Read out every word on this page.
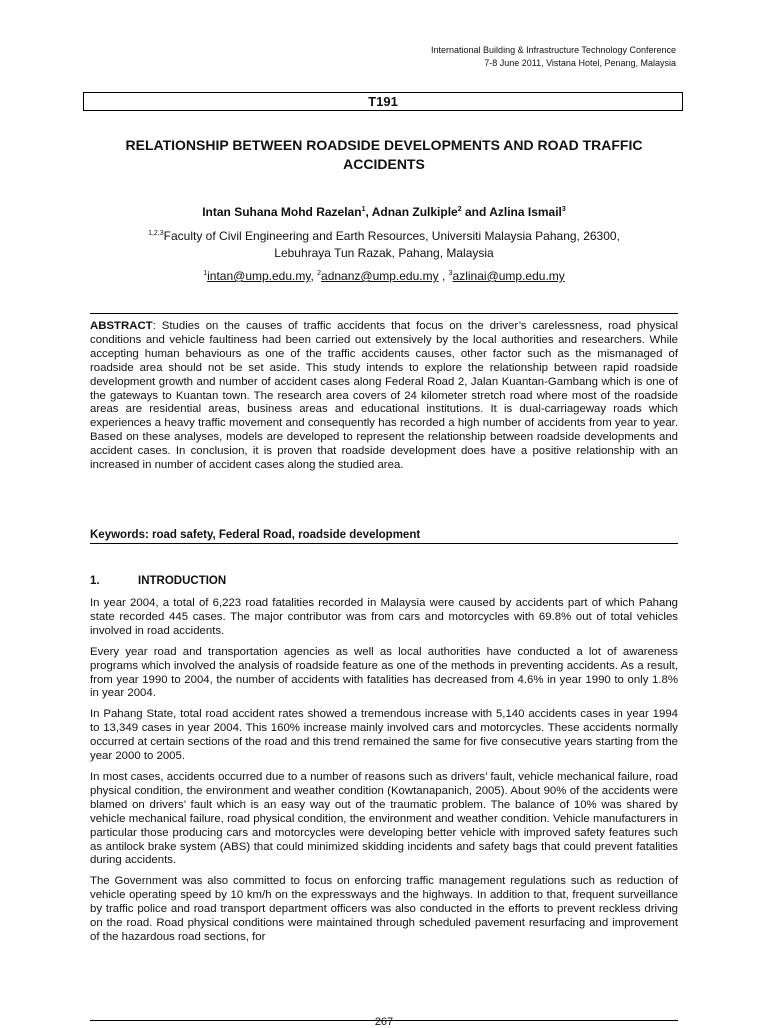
International Building & Infrastructure Technology Conference
7-8 June 2011, Vistana Hotel, Penang, Malaysia
T191
RELATIONSHIP BETWEEN ROADSIDE DEVELOPMENTS AND ROAD TRAFFIC
ACCIDENTS
Intan Suhana Mohd Razelan$^1$, Adnan Zulkiple$^2$ and Azlina Ismail$^3$
$^{1,2,3}$Faculty of Civil Engineering and Earth Resources, Universiti Malaysia Pahang, 26300,
Lebuhraya Tun Razak, Pahang, Malaysia
$^1$intan@ump.edu.my, $^2$adnanz@ump.edu.my , $^3$azlinai@ump.edu.my
ABSTRACT: Studies on the causes of traffic accidents that focus on the driver’s carelessness, road physical conditions and vehicle faultiness had been carried out extensively by the local authorities and researchers. While accepting human behaviours as one of the traffic accidents causes, other factor such as the mismanaged of roadside area should not be set aside. This study intends to explore the relationship between rapid roadside development growth and number of accident cases along Federal Road 2, Jalan Kuantan-Gambang which is one of the gateways to Kuantan town. The research area covers of 24 kilometer stretch road where most of the roadside areas are residential areas, business areas and educational institutions. It is dual-carriageway roads which experiences a heavy traffic movement and consequently has recorded a high number of accidents from year to year. Based on these analyses, models are developed to represent the relationship between roadside developments and accident cases. In conclusion, it is proven that roadside development does have a positive relationship with an increased in number of accident cases along the studied area.
Keywords: road safety, Federal Road, roadside development
1.	INTRODUCTION

In year 2004, a total of 6,223 road fatalities recorded in Malaysia were caused by accidents part of which Pahang state recorded 445 cases. The major contributor was from cars and motorcycles with 69.8% out of total vehicles involved in road accidents.

Every year road and transportation agencies as well as local authorities have conducted a lot of awareness programs which involved the analysis of roadside feature as one of the methods in preventing accidents. As a result, from year 1990 to 2004, the number of accidents with fatalities has decreased from 4.6% in year 1990 to only 1.8% in year 2004.

In Pahang State, total road accident rates showed a tremendous increase with 5,140 accidents cases in year 1994 to 13,349 cases in year 2004. This 160% increase mainly involved cars and motorcycles. These accidents normally occurred at certain sections of the road and this trend remained the same for five consecutive years starting from the year 2000 to 2005.

In most cases, accidents occurred due to a number of reasons such as drivers’ fault, vehicle mechanical failure, road physical condition, the environment and weather condition (Kowtanapanich, 2005). About 90% of the accidents were blamed on drivers’ fault which is an easy way out of the traumatic problem. The balance of 10% was shared by vehicle mechanical failure, road physical condition, the environment and weather condition. Vehicle manufacturers in particular those producing cars and motorcycles were developing better vehicle with improved safety features such as antilock brake system (ABS) that could minimized skidding incidents and safety bags that could prevent fatalities during accidents.

The Government was also committed to focus on enforcing traffic management regulations such as reduction of vehicle operating speed by 10 km/h on the expressways and the highways. In addition to that, frequent surveillance by traffic police and road transport department officers was also conducted in the efforts to prevent reckless driving on the road. Road physical conditions were maintained through scheduled pavement resurfacing and improvement of the hazardous road sections, for

267
